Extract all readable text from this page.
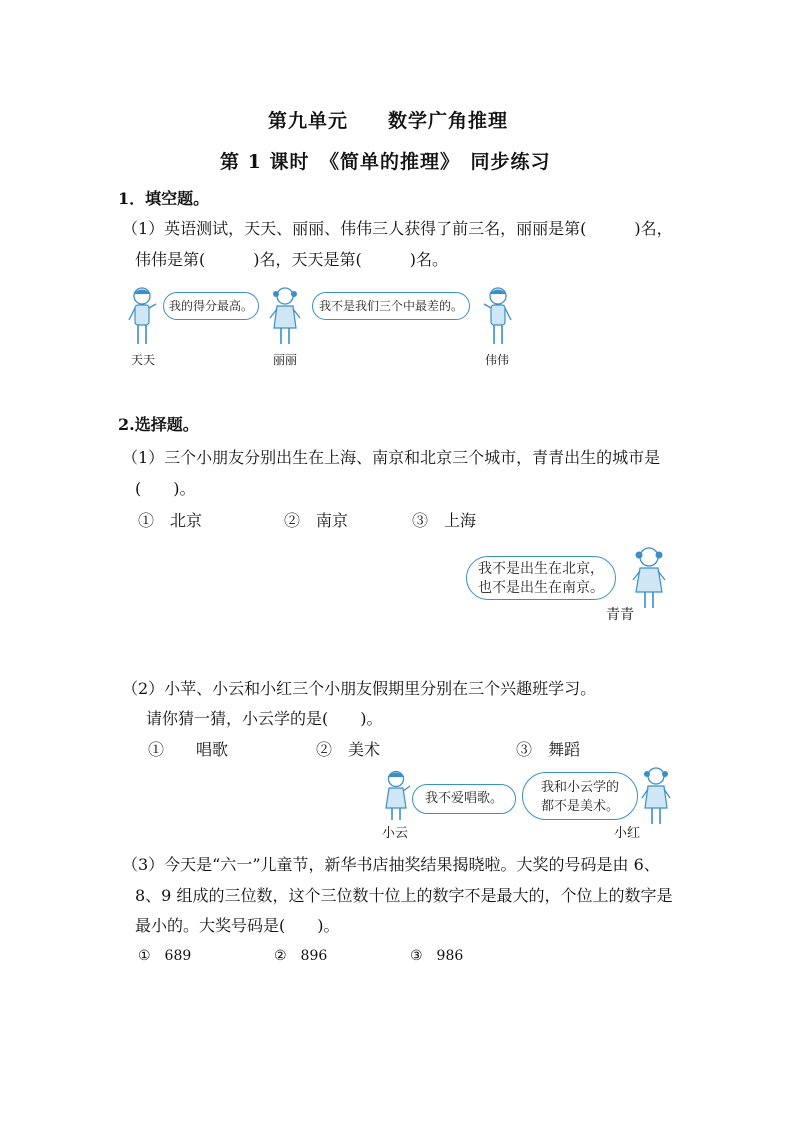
第九单元　　数学广角推理
第 1 课时　《简单的推理》　同步练习
1．填空题。
（1）英语测试，天天、丽丽、伟伟三人获得了前三名，丽丽是第(　　　)名，
伟伟是第(　　　)名，天天是第(　　　)名。
天天
我的得分最高。
丽丽
我不是我们三个中最差的。
伟伟
2.选择题。
（1）三个小朋友分别出生在上海、南京和北京三个城市，青青出生的城市是
(　　)。
①　北京	②　南京	③　上海
我不是出生在北京，
也不是出生在南京。
青青
（2）小苹、小云和小红三个小朋友假期里分别在三个兴趣班学习。
请你猜一猜，小云学的是(　　)。
①　　唱歌	②　美术	③　舞蹈
小云
我不爱唱歌。
我和小云学的
都不是美术。
小红
（3）今天是“六一”儿童节，新华书店抽奖结果揭晓啦。大奖的号码是由 6、
8、9 组成的三位数，这个三位数十位上的数字不是最大的，个位上的数字是
最小的。大奖号码是(　　)。
①　689	②　896	③　986
